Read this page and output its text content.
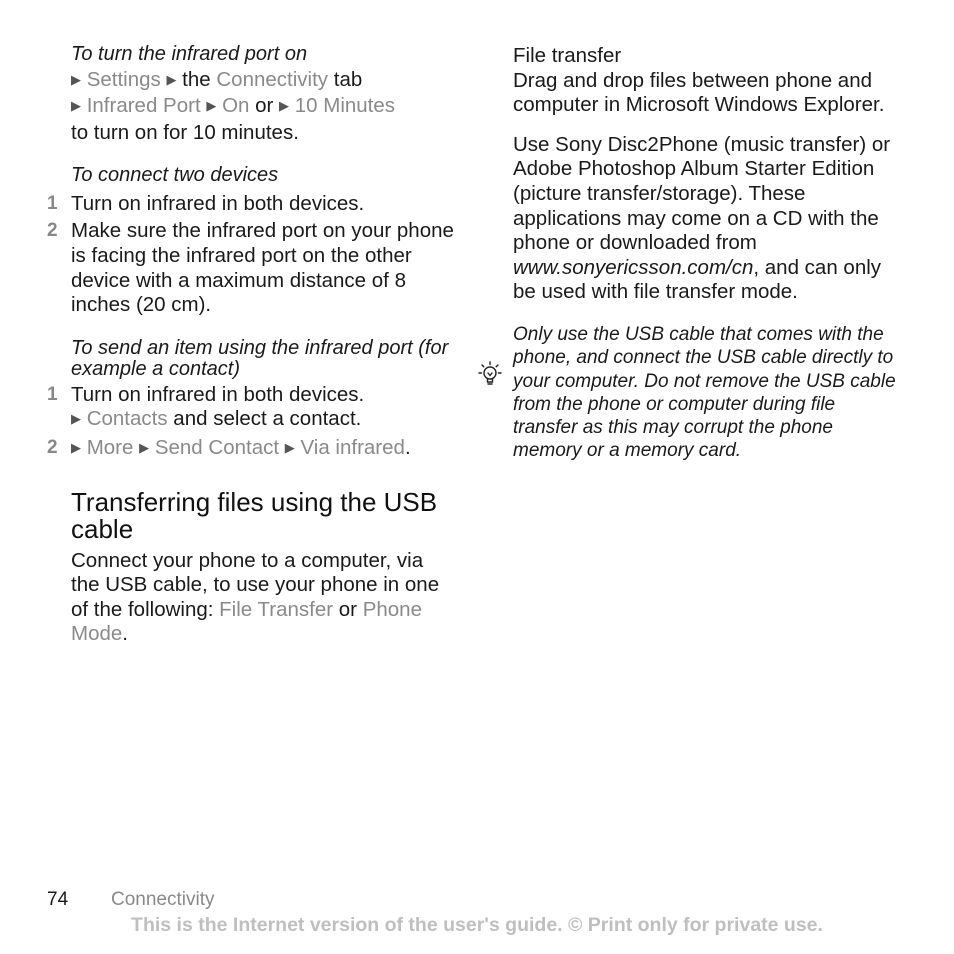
To turn the infrared port on

▶ Settings ▶ the Connectivity tab
▶ Infrared Port ▶ On or ▶ 10 Minutes
to turn on for 10 minutes.

To connect two devices

1 Turn on infrared in both devices.

2 Make sure the infrared port on your phone is facing the infrared port on the other device with a maximum distance of 8 inches (20 cm).

To send an item using the infrared port (for example a contact)

1 Turn on infrared in both devices.
▶ Contacts and select a contact.

2 ▶ More ▶ Send Contact ▶ Via infrared.

Transferring files using the USB cable

Connect your phone to a computer, via the USB cable, to use your phone in one of the following: File Transfer or Phone Mode.

File transfer

Drag and drop files between phone and computer in Microsoft Windows Explorer.

Use Sony Disc2Phone (music transfer) or Adobe Photoshop Album Starter Edition (picture transfer/storage). These applications may come on a CD with the phone or downloaded from www.sonyericsson.com/cn, and can only be used with file transfer mode.

Only use the USB cable that comes with the phone, and connect the USB cable directly to your computer. Do not remove the USB cable from the phone or computer during file transfer as this may corrupt the phone memory or a memory card.

74 Connectivity
This is the Internet version of the user's guide. © Print only for private use.
